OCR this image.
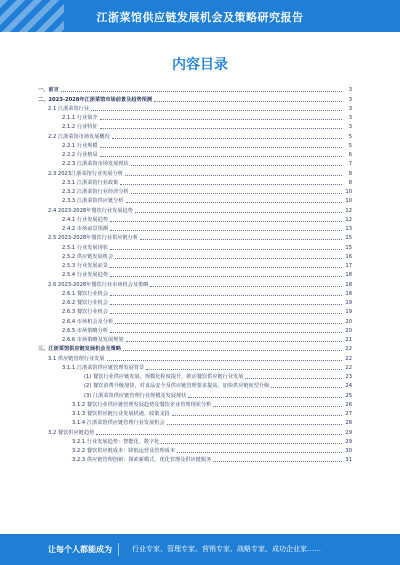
江浙菜馆供应链发展机会及策略研究报告
内容目录
一、前言	3
二、2023-2028年江浙菜馆市场前景及趋势预测	3
2.1 江浙菜馆行业	3
2.1.1 行业简介	3
2.1.2 行业特征	3
2.2 江浙菜馆市场发展概况	5
2.2.1 行业规模	5
2.2.2 行业格局	6
2.2.3 江浙菜馆市场发展现状	7
2.3 2023江浙菜馆行业发展分析	8
2.3.1 江浙菜馆行业政策	8
2.3.2 江浙菜馆行业经济分析	10
2.3.3 江浙菜馆供应链分析	10
2.4 2023-2028年餐饮行业发展趋势	12
2.4.1 行业发展趋势	12
2.4.2 市场前景预测	13
2.5 2023-2028年餐饮行业供应链分析	15
2.5.1 行业发展现状	15
2.5.2 供应链发展机会	16
2.5.3 行业发展前景	17
2.5.4 行业发展趋势	18
2.6 2023-2028年餐饮行业市场机会及策略	18
2.6.1 餐饮行业机会	18
2.6.2 餐饮行业机会	19
2.6.3 餐饮行业机会	19
2.6.4 市场机会及分析	20
2.6.5 市场策略分析	20
2.6.6 市场策略及发展规划	21
三、江浙菜馆供应链发展机会及策略	22
3.1 供应链管理行业发展	22
3.1.1 江浙菜馆供应链管理发展背景	22
(1) 餐饮行业供应链发展，规模化程度提升，推动餐饮供应链行业发展	23
(2) 餐饮消费升级加快，对食品安全及供应链管理要求提高，加快供应链转型升级	24
(3) 江浙菜馆供应链管理行业规模及发展现状	25
3.1.2 餐饮行业供应链管理发展趋势及餐饮企业管理现状分析	26
3.1.3 餐饮供应链行业发展机遇、政策支持	27
3.1.4 江浙菜馆供应链管理行业发展机会	28
3.2 餐饮供应链趋势	29
3.2.1 行业发展趋势：智能化、数字化	29
3.2.2 餐饮供应链成本：降低运营及管理成本	30
3.2.3 供应链管理创新：探索新模式，优化管理及供应链服务	31
让每个人都能成为	行业专家、管理专家、营销专家、战略专家、成功企业家……
